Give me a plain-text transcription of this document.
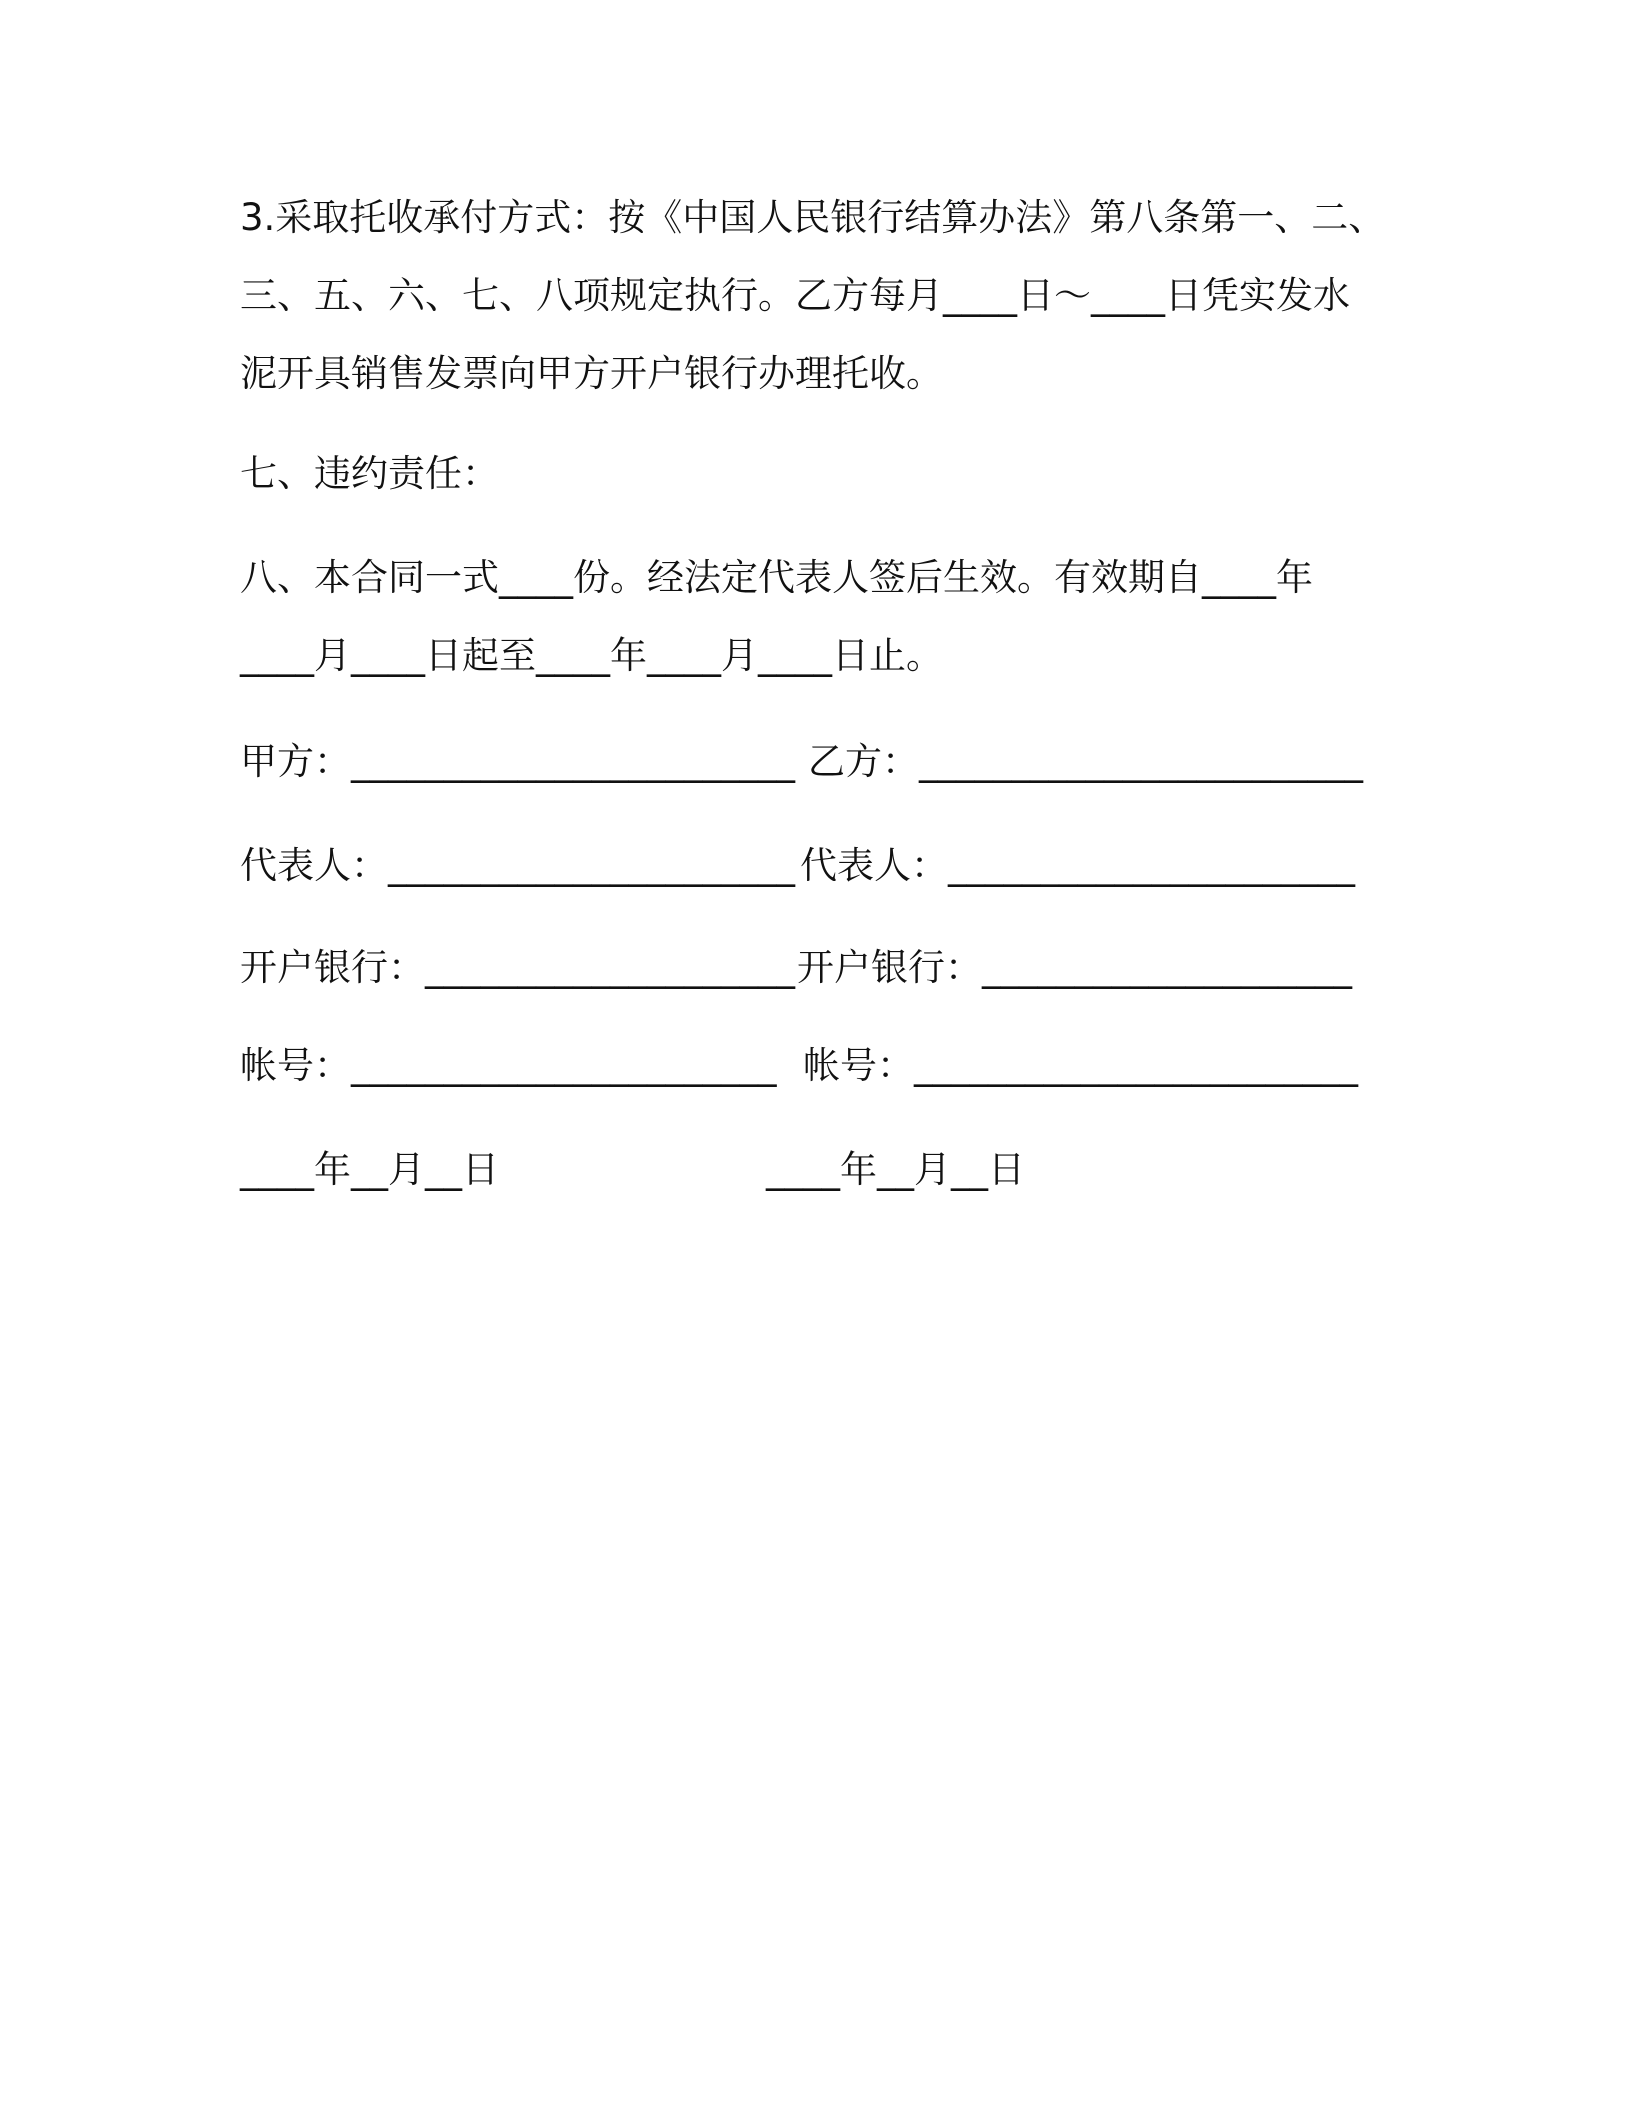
3.采取托收承付方式：按《中国人民银行结算办法》第八条第一、二、
三、五、六、七、八项规定执行。乙方每月____日～____日凭实发水
泥开具销售发票向甲方开户银行办理托收。
七、违约责任：
八、本合同一式____份。经法定代表人签后生效。有效期自____年
____月____日起至____年____月____日止。
甲方：________________________ 乙方：________________________
代表人：______________________ 代表人：______________________
开户银行：____________________ 开户银行：____________________
帐号：_______________________ 帐号：________________________
____年__月__日	____年__月__日
